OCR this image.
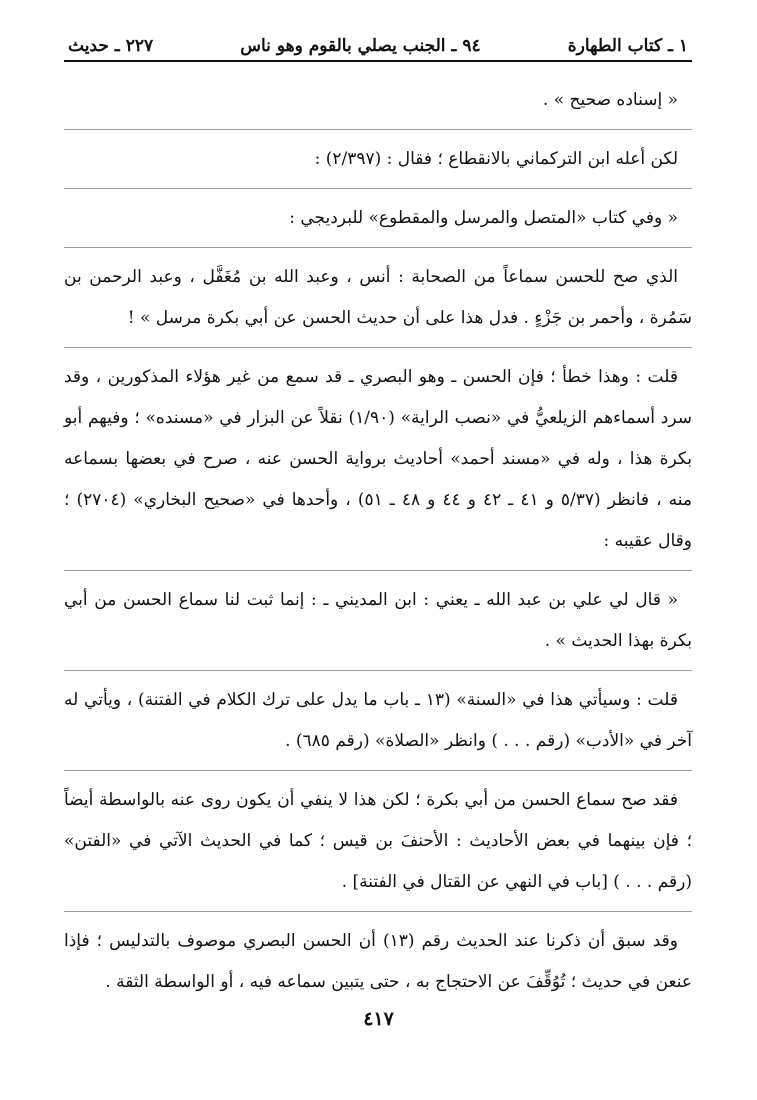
١ ـ كتاب الطهارة
٩٤ ـ الجنب يصلي بالقوم وهو ناس
٢٢٧ ـ حديث

« إسناده صحيح » .

لكن أعله ابن التركماني بالانقطاع ؛ فقال : (٢/٣٩٧) :

« وفي كتاب «المتصل والمرسل والمقطوع» للبرديجي :

الذي صح للحسن سماعاً من الصحابة : أنس ، وعبد الله بن مُغَفَّل ، وعبد الرحمن بن سَمُرة ، وأحمر بن جَزْءٍ . فدل هذا على أن حديث الحسن عن أبي بكرة مرسل » !

قلت : وهذا خطأ ؛ فإن الحسن ـ وهو البصري ـ قد سمع من غير هؤلاء المذكورين ، وقد سرد أسماءهم الزيلعيُّ في «نصب الراية» (١/٩٠) نقلاً عن البزار في «مسنده» ؛ وفيهم أبو بكرة هذا ، وله في «مسند أحمد» أحاديث برواية الحسن عنه ، صرح في بعضها بسماعه منه ، فانظر (٥/٣٧ و ٤١ ـ ٤٢ و ٤٤ و ٤٨ ـ ٥١) ، وأحدها في «صحيح البخاري» (٢٧٠٤) ؛ وقال عقيبه :

« قال لي علي بن عبد الله ـ يعني : ابن المديني ـ : إنما ثبت لنا سماع الحسن من أبي بكرة بهذا الحديث » .

قلت : وسيأتي هذا في «السنة» (١٣ ـ باب ما يدل على ترك الكلام في الفتنة) ، ويأتي له آخر في «الأدب» (رقم . . . ) وانظر «الصلاة» (رقم ٦٨٥) .

فقد صح سماع الحسن من أبي بكرة ؛ لكن هذا لا ينفي أن يكون روى عنه بالواسطة أيضاً ؛ فإن بينهما في بعض الأحاديث : الأحنفَ بن قيس ؛ كما في الحديث الآتي في «الفتن» (رقم . . . ) [باب في النهي عن القتال في الفتنة] .

وقد سبق أن ذكرنا عند الحديث رقم (١٣) أن الحسن البصري موصوف بالتدليس ؛ فإذا عنعن في حديث ؛ تُوُقِّفَ عن الاحتجاج به ، حتى يتبين سماعه فيه ، أو الواسطة الثقة .

٤١٧
